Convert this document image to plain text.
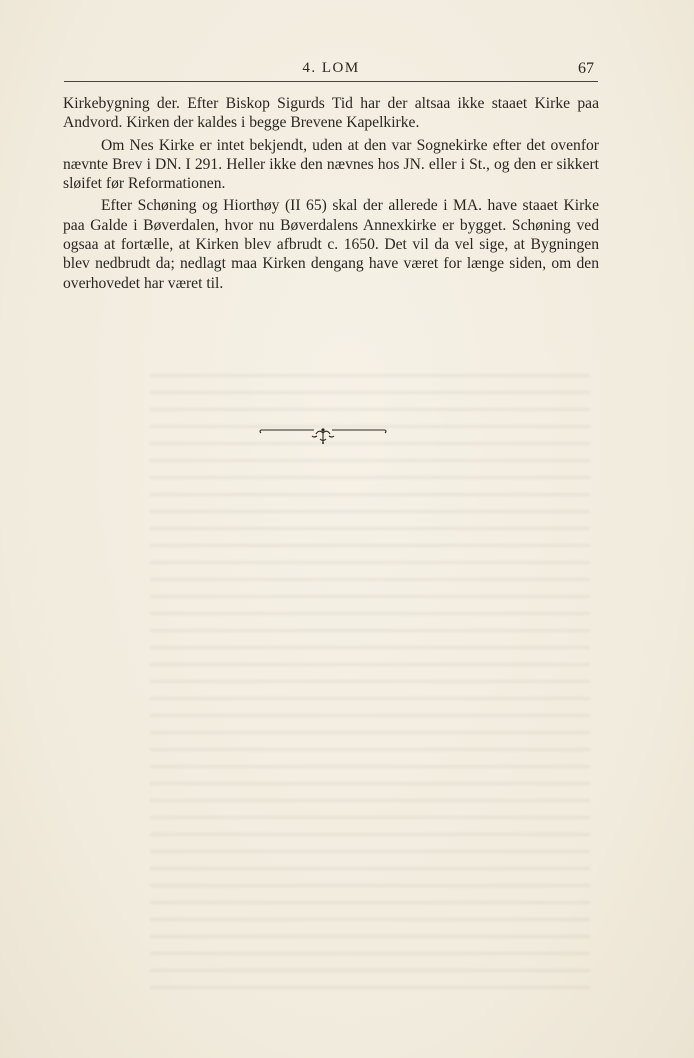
4. LOM	67

Kirkebygning der. Efter Biskop Sigurds Tid har der altsaa ikke staaet Kirke paa Andvord. Kirken der kaldes i begge Brevene Kapelkirke.

Om Nes Kirke er intet bekjendt, uden at den var Sognekirke efter det ovenfor nævnte Brev i DN. I 291. Heller ikke den nævnes hos JN. eller i St., og den er sikkert sløifet før Reformationen.

Efter Schøning og Hiorthøy (II 65) skal der allerede i MA. have staaet Kirke paa Galde i Bøverdalen, hvor nu Bøverdalens Annexkirke er bygget. Schøning ved ogsaa at fortælle, at Kirken blev afbrudt c. 1650. Det vil da vel sige, at Bygningen blev nedbrudt da; nedlagt maa Kirken dengang have været for længe siden, om den overhovedet har været til.
